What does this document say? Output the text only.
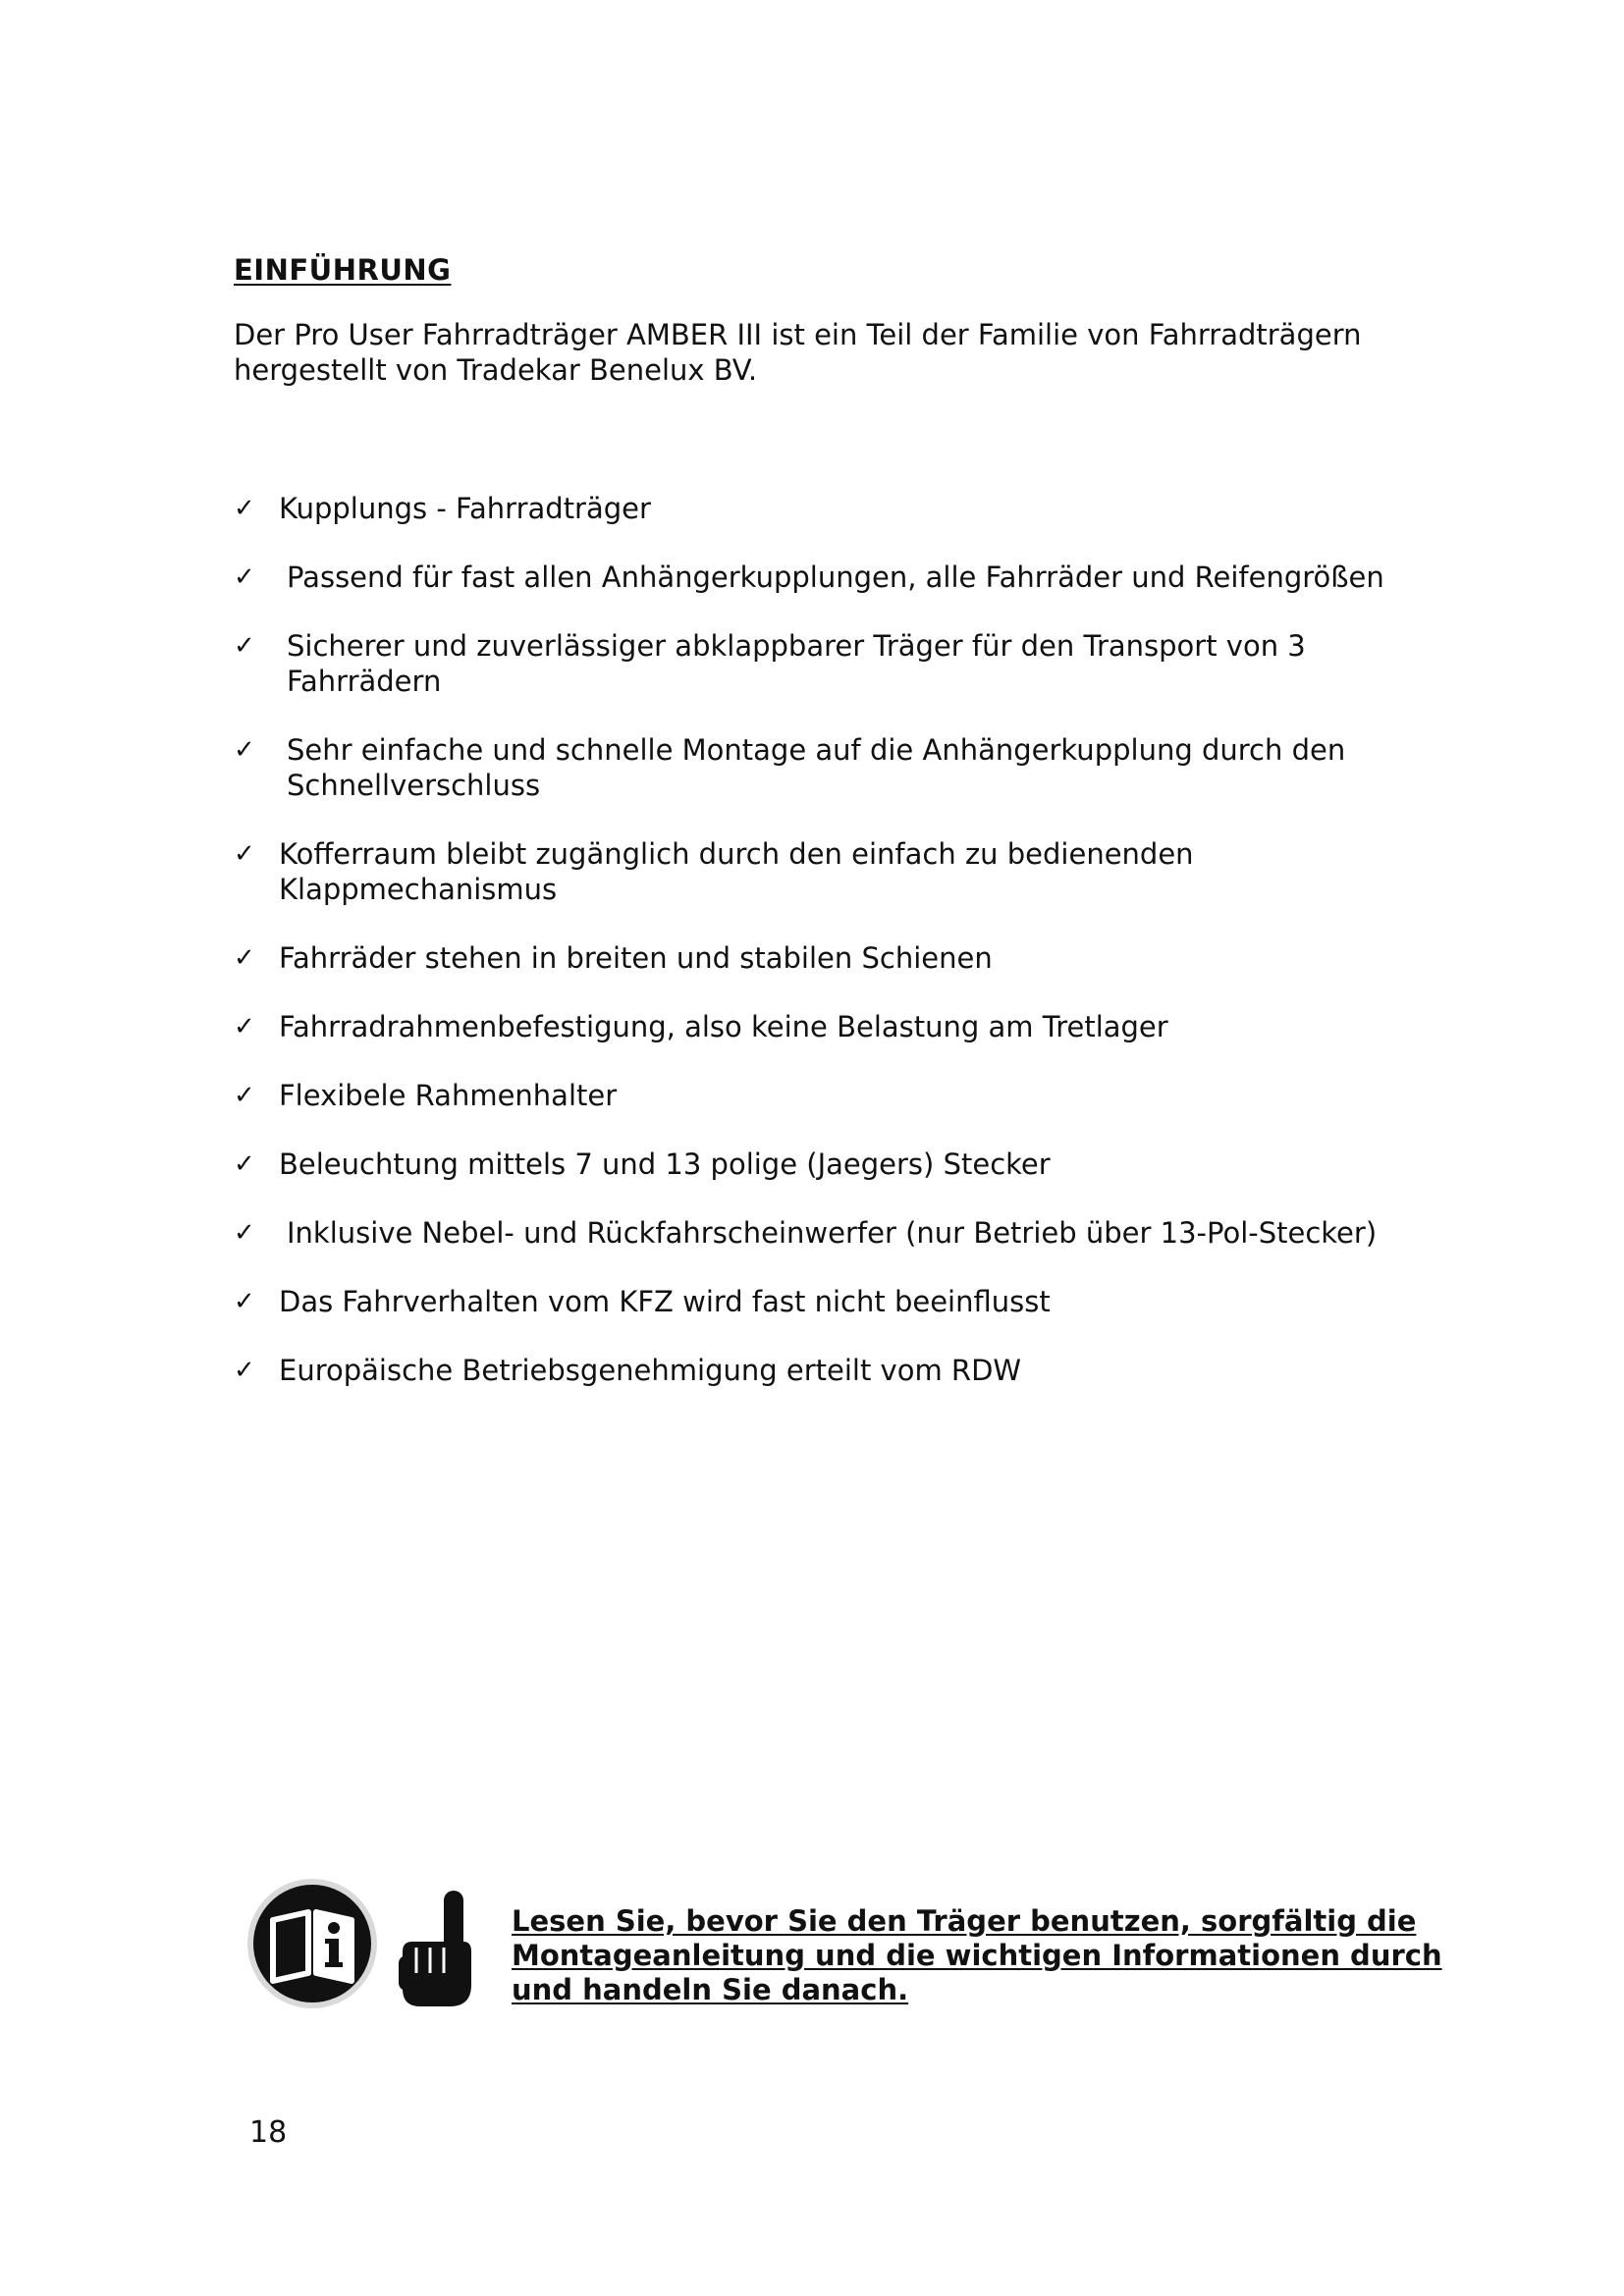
EINFÜHRUNG
Der Pro User Fahrradträger AMBER III ist ein Teil der Familie von Fahrradträgern hergestellt von Tradekar Benelux BV.
✓ Kupplungs - Fahrradträger
✓ Passend für fast allen Anhängerkupplungen, alle Fahrräder und Reifengrößen
✓ Sicherer und zuverlässiger abklappbarer Träger für den Transport von 3 Fahrrädern
✓ Sehr einfache und schnelle Montage auf die Anhängerkupplung durch den Schnellverschluss
✓ Kofferraum bleibt zugänglich durch den einfach zu bedienenden Klappmechanismus
✓ Fahrräder stehen in breiten und stabilen Schienen
✓ Fahrradrahmenbefestigung, also keine Belastung am Tretlager
✓ Flexibele Rahmenhalter
✓ Beleuchtung mittels 7 und 13 polige (Jaegers) Stecker
✓ Inklusive Nebel- und Rückfahrscheinwerfer (nur Betrieb über 13-Pol-Stecker)
✓ Das Fahrverhalten vom KFZ wird fast nicht beeinflusst
✓ Europäische Betriebsgenehmigung erteilt vom RDW
Lesen Sie, bevor Sie den Träger benutzen, sorgfältig die Montageanleitung und die wichtigen Informationen durch und handeln Sie danach.
18
